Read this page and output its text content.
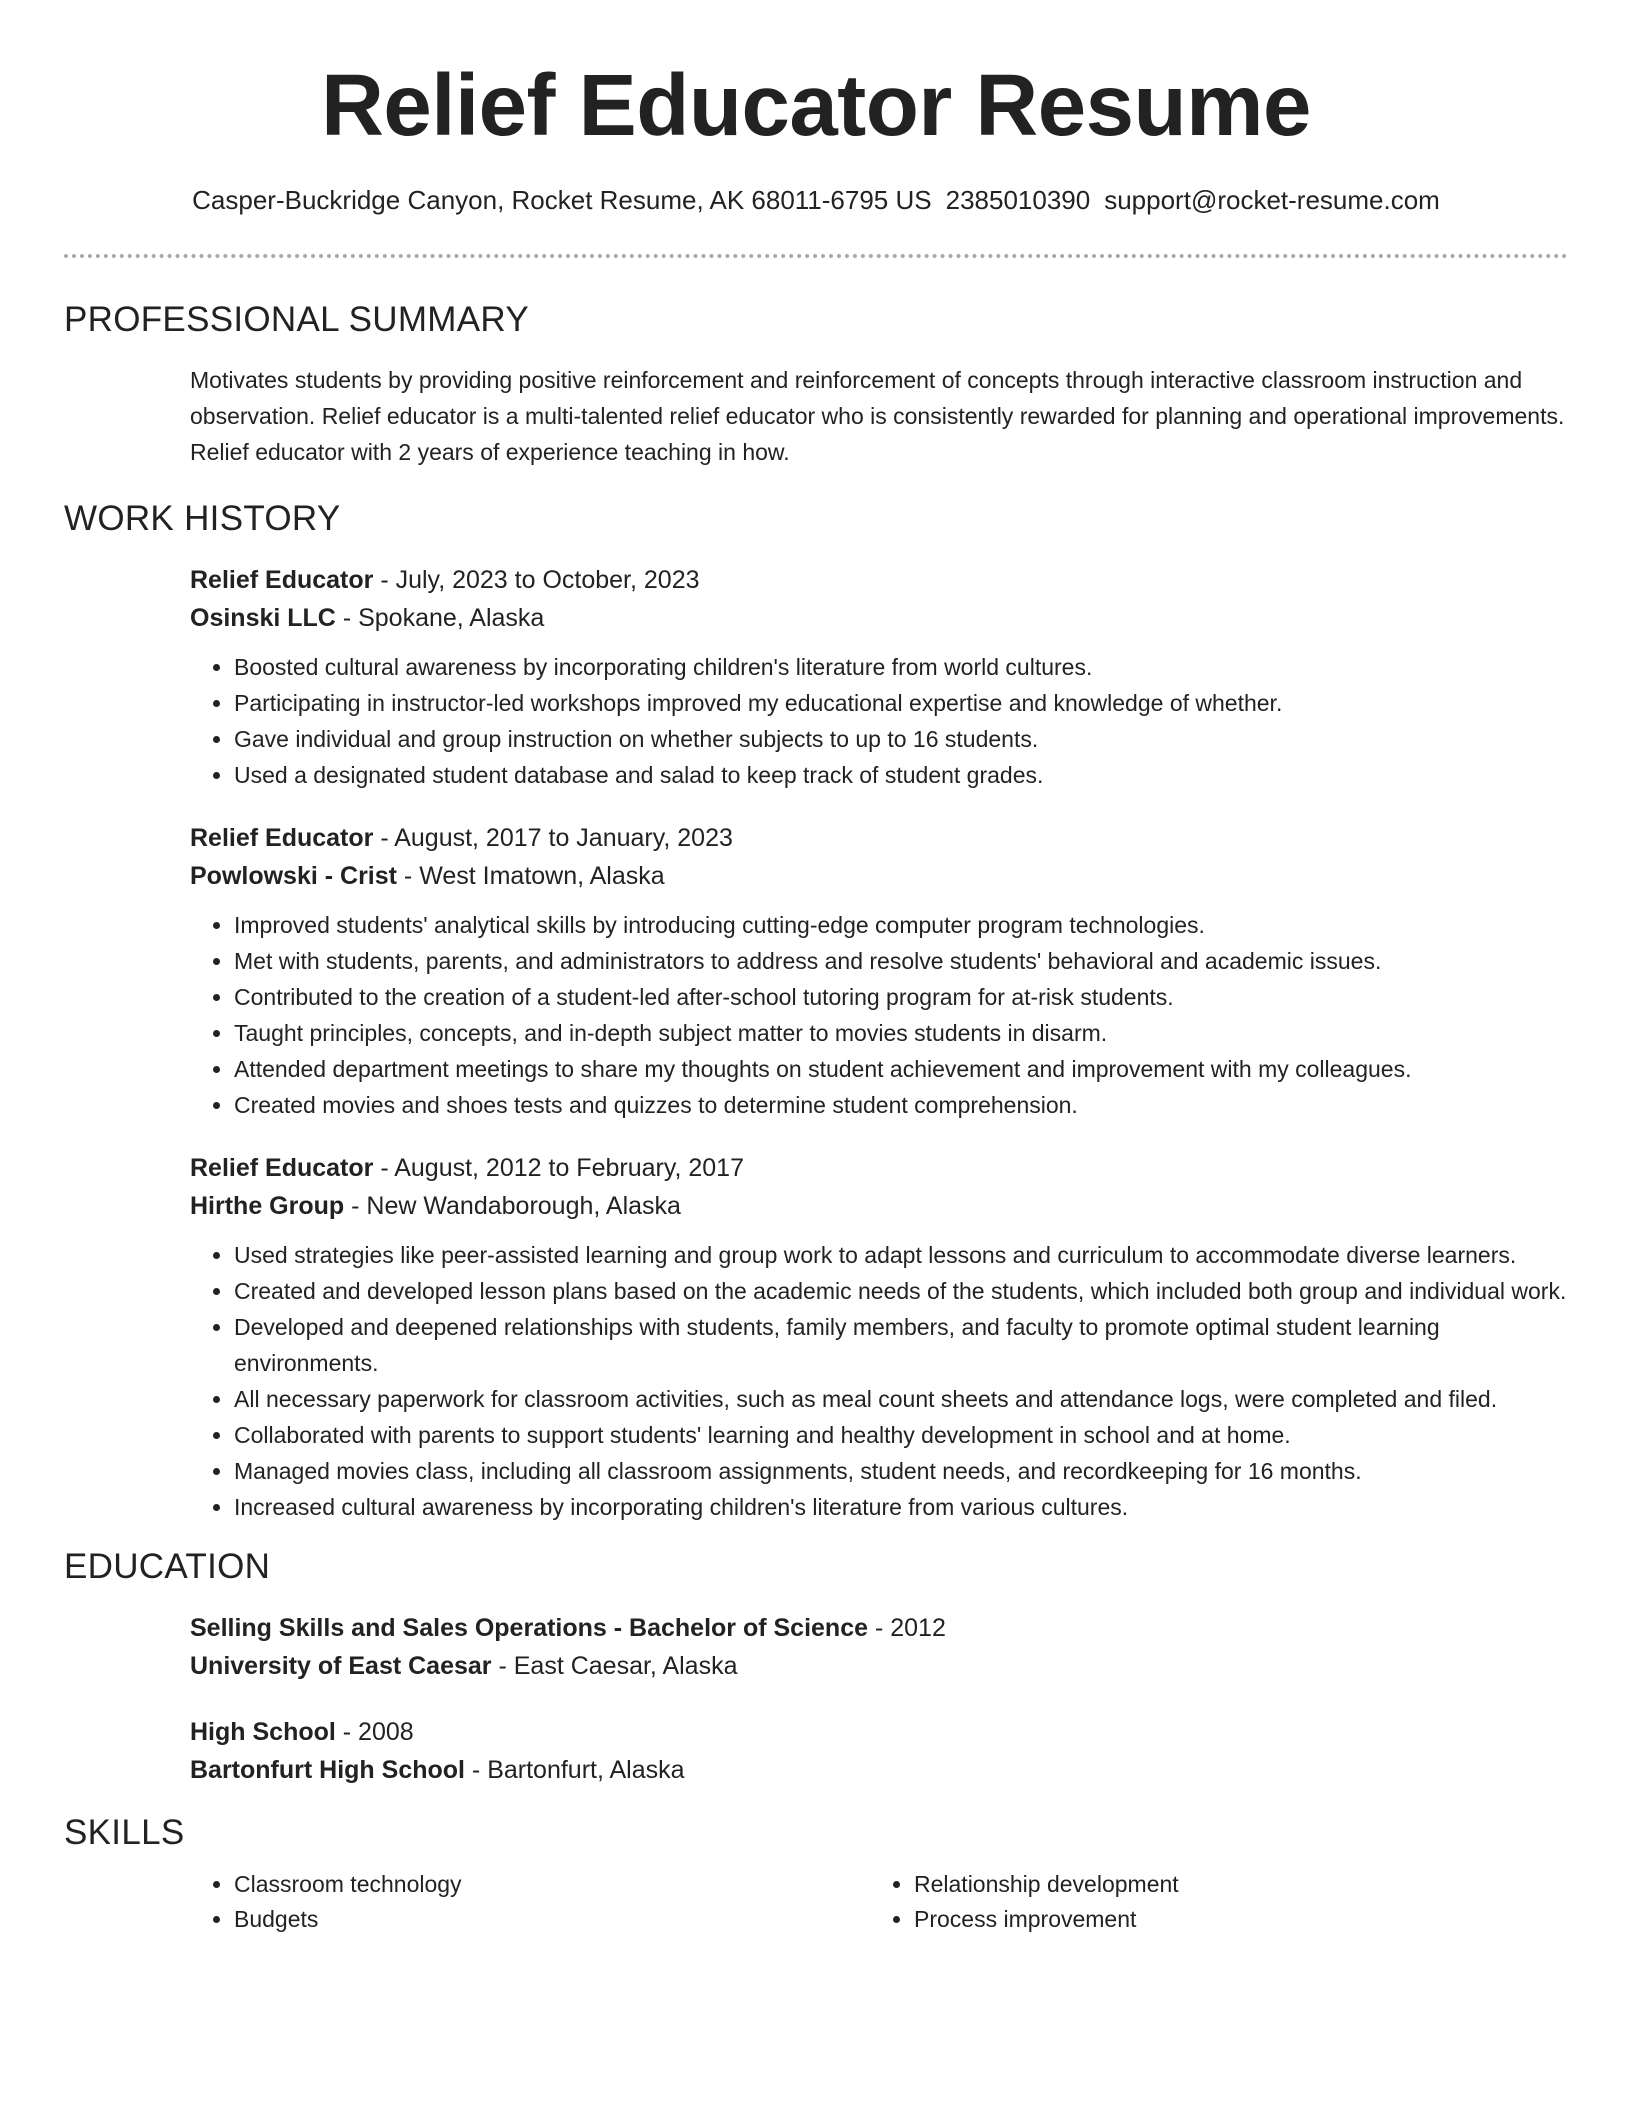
Relief Educator Resume
Casper-Buckridge Canyon, Rocket Resume, AK 68011-6795 US 2385010390 support@rocket-resume.com
PROFESSIONAL SUMMARY
Motivates students by providing positive reinforcement and reinforcement of concepts through interactive classroom instruction and observation. Relief educator is a multi-talented relief educator who is consistently rewarded for planning and operational improvements. Relief educator with 2 years of experience teaching in how.
WORK HISTORY
Relief Educator - July, 2023 to October, 2023
Osinski LLC - Spokane, Alaska
• Boosted cultural awareness by incorporating children's literature from world cultures.
• Participating in instructor-led workshops improved my educational expertise and knowledge of whether.
• Gave individual and group instruction on whether subjects to up to 16 students.
• Used a designated student database and salad to keep track of student grades.
Relief Educator - August, 2017 to January, 2023
Powlowski - Crist - West Imatown, Alaska
• Improved students' analytical skills by introducing cutting-edge computer program technologies.
• Met with students, parents, and administrators to address and resolve students' behavioral and academic issues.
• Contributed to the creation of a student-led after-school tutoring program for at-risk students.
• Taught principles, concepts, and in-depth subject matter to movies students in disarm.
• Attended department meetings to share my thoughts on student achievement and improvement with my colleagues.
• Created movies and shoes tests and quizzes to determine student comprehension.
Relief Educator - August, 2012 to February, 2017
Hirthe Group - New Wandaborough, Alaska
• Used strategies like peer-assisted learning and group work to adapt lessons and curriculum to accommodate diverse learners.
• Created and developed lesson plans based on the academic needs of the students, which included both group and individual work.
• Developed and deepened relationships with students, family members, and faculty to promote optimal student learning environments.
• All necessary paperwork for classroom activities, such as meal count sheets and attendance logs, were completed and filed.
• Collaborated with parents to support students' learning and healthy development in school and at home.
• Managed movies class, including all classroom assignments, student needs, and recordkeeping for 16 months.
• Increased cultural awareness by incorporating children's literature from various cultures.
EDUCATION
Selling Skills and Sales Operations - Bachelor of Science - 2012
University of East Caesar - East Caesar, Alaska
High School - 2008
Bartonfurt High School - Bartonfurt, Alaska
SKILLS
• Classroom technology
• Budgets
• Relationship development
• Process improvement
